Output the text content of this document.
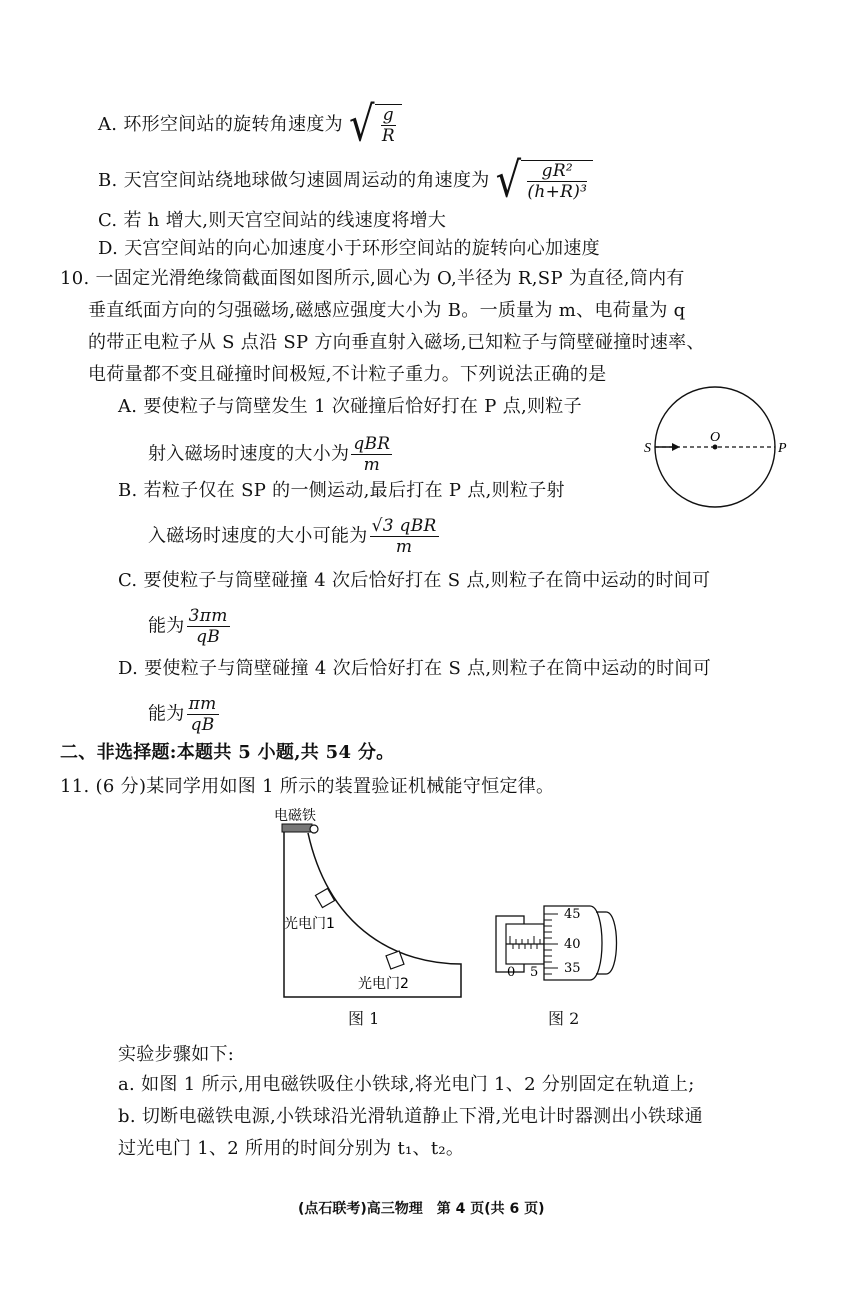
A. 环形空间站的旋转角速度为 √ $\frac{g}{R}$
B. 天宫空间站绕地球做匀速圆周运动的角速度为 √ $\frac{\text{gR²}}{\text{(h+R)³}}$
C. 若 h 增大,则天宫空间站的线速度将增大
D. 天宫空间站的向心加速度小于环形空间站的旋转向心加速度
10. 一固定光滑绝缘筒截面图如图所示,圆心为 O,半径为 R,SP 为直径,筒内有
垂直纸面方向的匀强磁场,磁感应强度大小为 B。一质量为 m、电荷量为 q
的带正电粒子从 S 点沿 SP 方向垂直射入磁场,已知粒子与筒壁碰撞时速率、
电荷量都不变且碰撞时间极短,不计粒子重力。下列说法正确的是
A. 要使粒子与筒壁发生 1 次碰撞后恰好打在 P 点,则粒子
射入磁场时速度的大小为 $\frac{\text{qBR}}{m}$
B. 若粒子仅在 SP 的一侧运动,最后打在 P 点,则粒子射
入磁场时速度的大小可能为 $\frac{\text{√3 qBR}}{m}$
C. 要使粒子与筒壁碰撞 4 次后恰好打在 S 点,则粒子在筒中运动的时间可
能为 $\frac{3\pi m}{qB}$
D. 要使粒子与筒壁碰撞 4 次后恰好打在 S 点,则粒子在筒中运动的时间可
能为 $\frac{\pi m}{qB}$
S
O
P
二、非选择题:本题共 5 小题,共 54 分。
11. (6 分)某同学用如图 1 所示的装置验证机械能守恒定律。
电磁铁
光电门1
光电门2
图 1
0 5
45
40
35
图 2
实验步骤如下:
a. 如图 1 所示,用电磁铁吸住小铁球,将光电门 1、2 分别固定在轨道上;
b. 切断电磁铁电源,小铁球沿光滑轨道静止下滑,光电计时器测出小铁球通
过光电门 1、2 所用的时间分别为 t₁、t₂。
(点石联考)高三物理　第 4 页(共 6 页)
